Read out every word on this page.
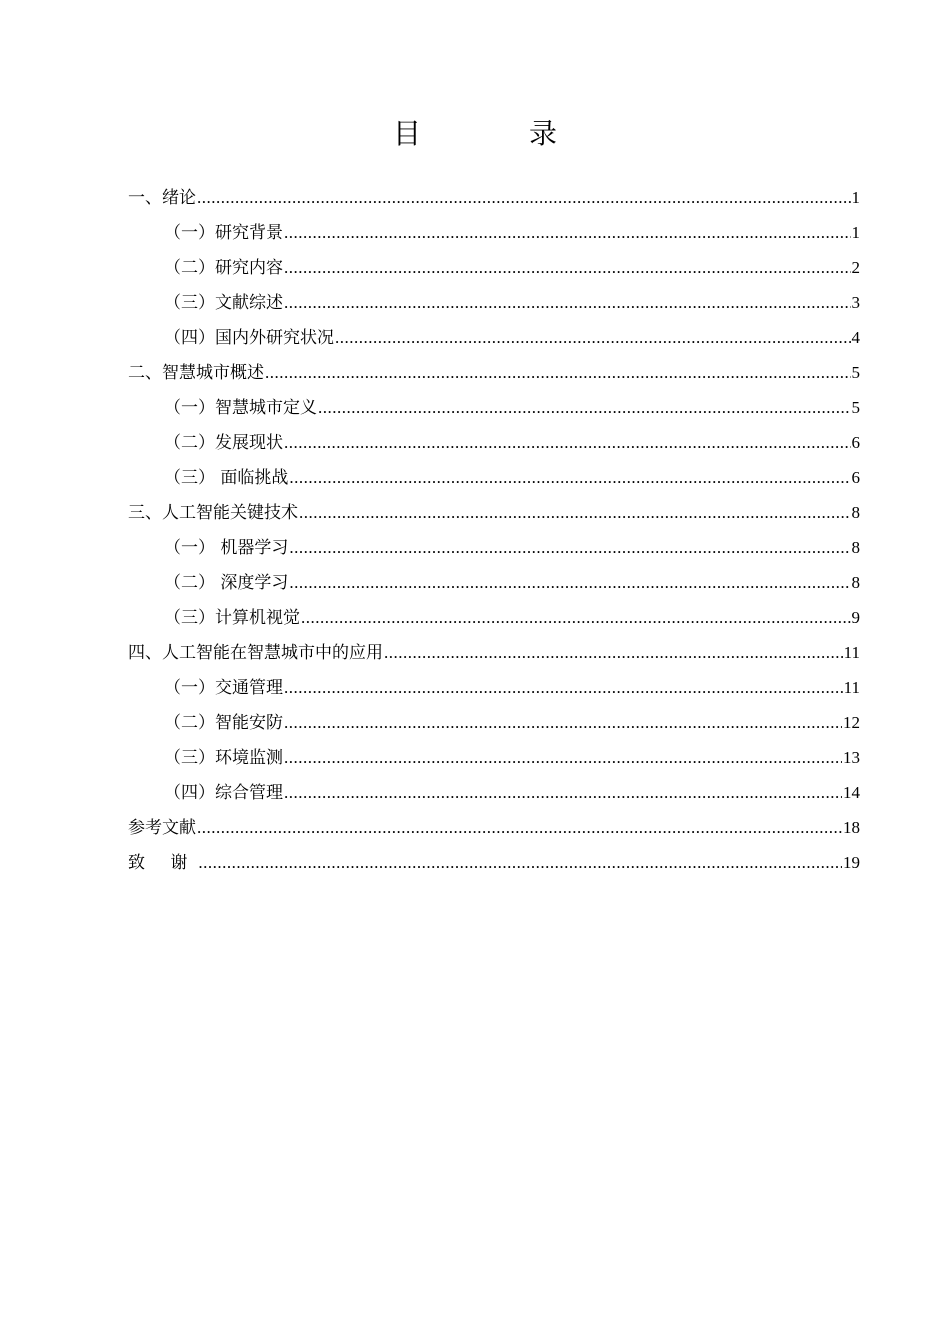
目　录
一、绪论 .....	1
（一）研究背景 .....	1
（二）研究内容 .....	2
（三）文献综述 .....	3
（四）国内外研究状况 .....	4
二、智慧城市概述 .....	5
（一）智慧城市定义 .....	5
（二）发展现状 .....	6
（三） 面临挑战 .....	6
三、人工智能关键技术 .....	8
（一） 机器学习 .....	8
（二） 深度学习 .....	8
（三）计算机视觉 .....	9
四、人工智能在智慧城市中的应用 .....	11
（一）交通管理 .....	11
（二）智能安防 .....	12
（三）环境监测 .....	13
（四）综合管理 .....	14
参考文献 .....	18
致 谢 .....	19
